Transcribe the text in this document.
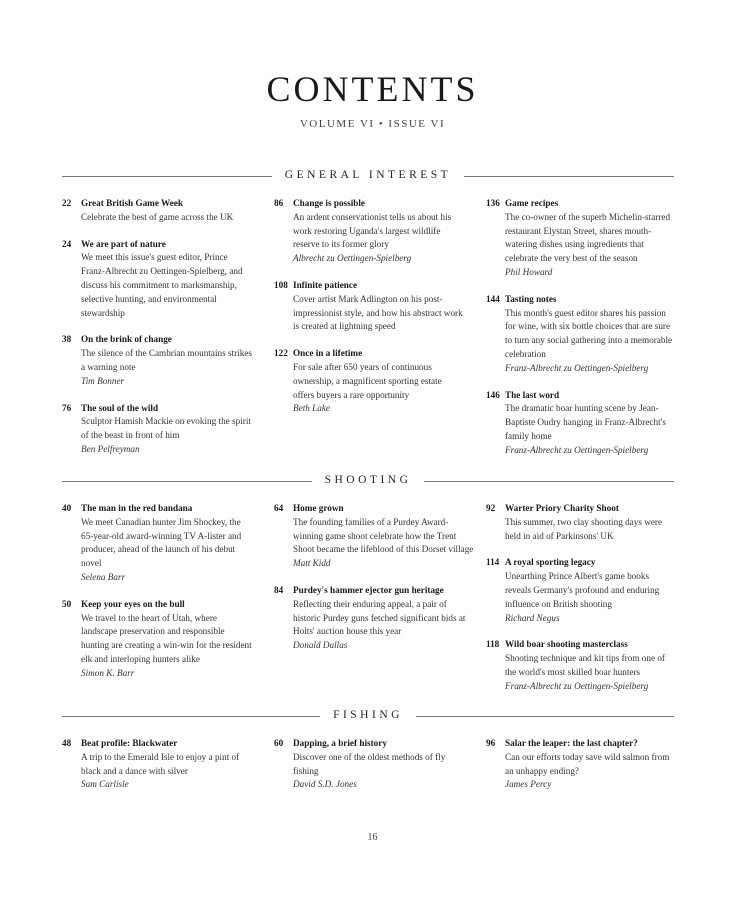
CONTENTS
VOLUME VI • ISSUE VI
GENERAL INTEREST
22	Great British Game Week
Celebrate the best of game across the UK
24	We are part of nature
We meet this issue's guest editor, Prince Franz-Albrecht zu Oettingen-Spielberg, and discuss his commitment to marksmanship, selective hunting, and environmental stewardship
38	On the brink of change
The silence of the Cambrian mountains strikes a warning note
Tim Bonner
76	The soul of the wild
Sculptor Hamish Mackie on evoking the spirit of the beast in front of him
Ben Pelfreyman
86	Change is possible
An ardent conservationist tells us about his work restoring Uganda's largest wildlife reserve to its former glory
Albrecht zu Oettingen-Spielberg
108 Infinite patience
Cover artist Mark Adlington on his post-impressionist style, and how his abstract work is created at lightning speed
122 Once in a lifetime
For sale after 650 years of continuous ownership, a magnificent sporting estate offers buyers a rare opportunity
Beth Lake
136 Game recipes
The co-owner of the superb Michelin-starred restaurant Elystan Street, shares mouth-watering dishes using ingredients that celebrate the very best of the season
Phil Howard
144 Tasting notes
This month's guest editor shares his passion for wine, with six bottle choices that are sure to turn any social gathering into a memorable celebration
Franz-Albrecht zu Oettingen-Spielberg
146 The last word
The dramatic boar hunting scene by Jean-Baptiste Oudry hanging in Franz-Albrecht's family home
Franz-Albrecht zu Oettingen-Spielberg
SHOOTING
40	The man in the red bandana
We meet Canadian hunter Jim Shockey, the 65-year-old award-winning TV A-lister and producer, ahead of the launch of his debut novel
Selena Barr
50	Keep your eyes on the bull
We travel to the heart of Utah, where landscape preservation and responsible hunting are creating a win-win for the resident elk and interloping hunters alike
Simon K. Barr
64	Home grown
The founding families of a Purdey Award-winning game shoot celebrate how the Trent Shoot became the lifeblood of this Dorset village
Matt Kidd
84	Purdey's hammer ejector gun heritage
Reflecting their enduring appeal, a pair of historic Purdey guns fetched significant bids at Holts' auction house this year
Donald Dallas
92	Warter Priory Charity Shoot
This summer, two clay shooting days were held in aid of Parkinsons' UK
114 A royal sporting legacy
Unearthing Prince Albert's game books reveals Germany's profound and enduring influence on British shooting
Richard Negus
118 Wild boar shooting masterclass
Shooting technique and kit tips from one of the world's most skilled boar hunters
Franz-Albrecht zu Oettingen-Spielberg
FISHING
48	Beat profile: Blackwater
A trip to the Emerald Isle to enjoy a pint of black and a dance with silver
Sam Carlisle
60	Dapping, a brief history
Discover one of the oldest methods of fly fishing
David S.D. Jones
96	Salar the leaper: the last chapter?
Can our efforts today save wild salmon from an unhappy ending?
James Percy
16
